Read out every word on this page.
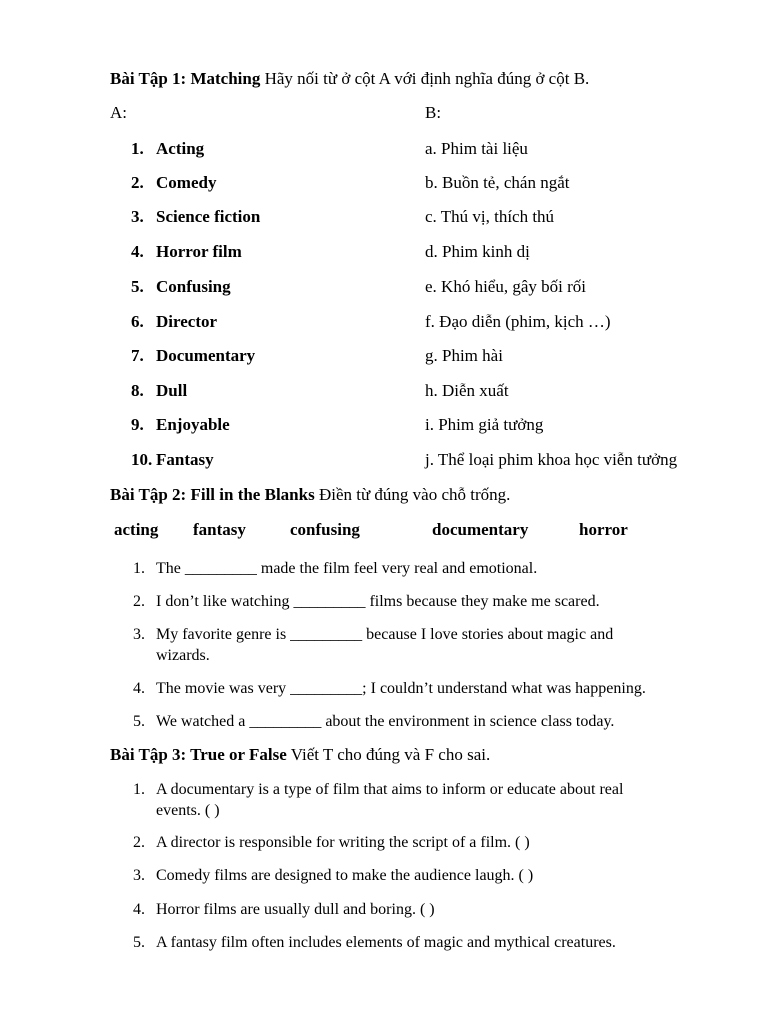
Bài Tập 1: Matching Hãy nối từ ở cột A với định nghĩa đúng ở cột B.
A:	B:
1. Acting	a. Phim tài liệu
2. Comedy	b. Buồn tẻ, chán ngắt
3. Science fiction	c. Thú vị, thích thú
4. Horror film	d. Phim kinh dị
5. Confusing	e. Khó hiểu, gây bối rối
6. Director	f. Đạo diễn (phim, kịch …)
7. Documentary	g. Phim hài
8. Dull	h. Diễn xuất
9. Enjoyable	i. Phim giả tưởng
10. Fantasy	j. Thể loại phim khoa học viễn tưởng
Bài Tập 2: Fill in the Blanks Điền từ đúng vào chỗ trống.
acting fantasy	confusing	documentary	horror
1. The _________ made the film feel very real and emotional.
2. I don’t like watching _________ films because they make me scared.
3. My favorite genre is _________ because I love stories about magic and wizards.
4. The movie was very _________; I couldn’t understand what was happening.
5. We watched a _________ about the environment in science class today.
Bài Tập 3: True or False Viết T cho đúng và F cho sai.
1. A documentary is a type of film that aims to inform or educate about real events. ( )
2. A director is responsible for writing the script of a film. ( )
3. Comedy films are designed to make the audience laugh. ( )
4. Horror films are usually dull and boring. ( )
5. A fantasy film often includes elements of magic and mythical creatures.
